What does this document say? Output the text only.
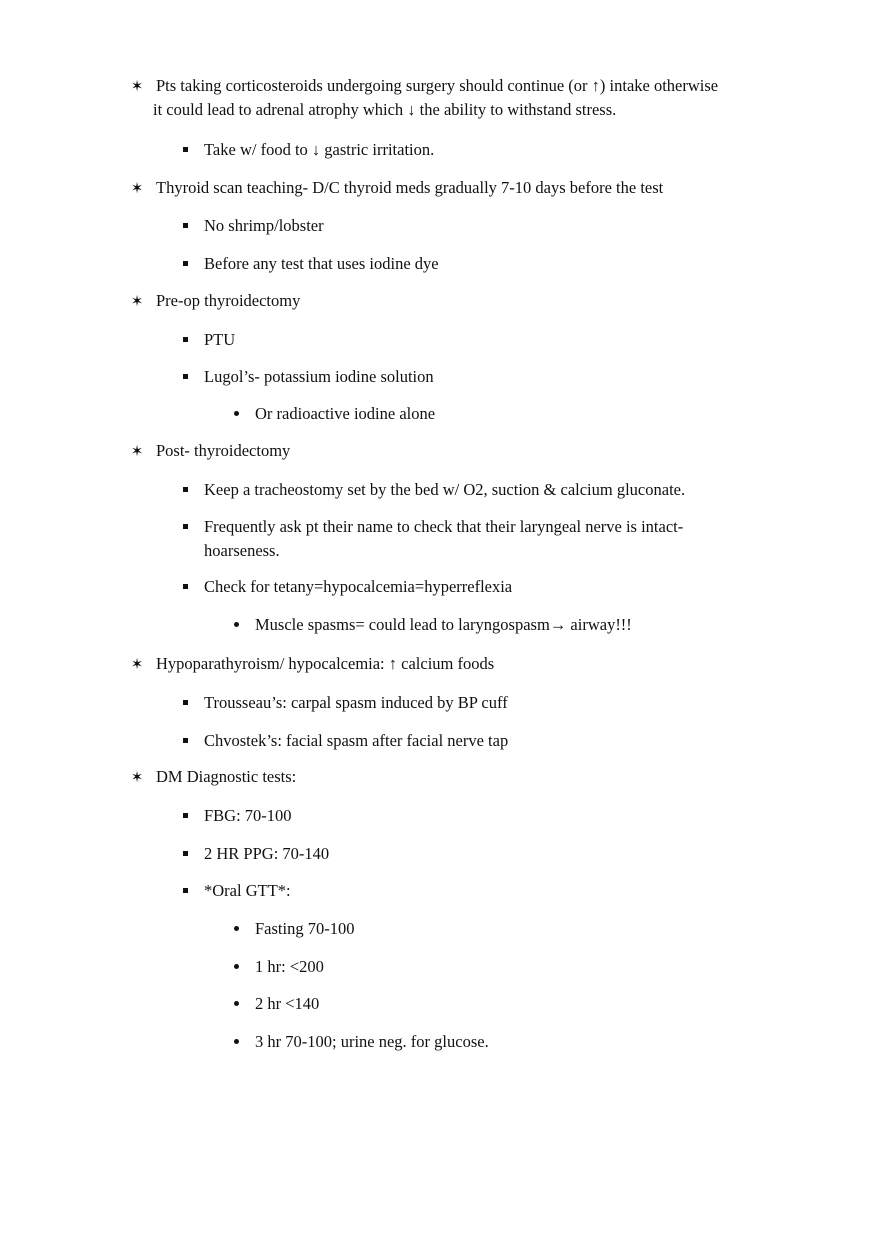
✶ Pts taking corticosteroids undergoing surgery should continue (or ↑) intake otherwise
it could lead to adrenal atrophy which ↓ the ability to withstand stress.
Take w/ food to ↓ gastric irritation.
✶ Thyroid scan teaching- D/C thyroid meds gradually 7-10 days before the test
No shrimp/lobster
Before any test that uses iodine dye
✶ Pre-op thyroidectomy
PTU
Lugol’s- potassium iodine solution
Or radioactive iodine alone
✶ Post- thyroidectomy
Keep a tracheostomy set by the bed w/ O2, suction & calcium gluconate.
Frequently ask pt their name to check that their laryngeal nerve is intact-
hoarseness.
Check for tetany=hypocalcemia=hyperreflexia
Muscle spasms= could lead to laryngospasm→ airway!!!
✶ Hypoparathyroism/ hypocalcemia: ↑ calcium foods
Trousseau’s: carpal spasm induced by BP cuff
Chvostek’s: facial spasm after facial nerve tap
✶ DM Diagnostic tests:
FBG: 70-100
2 HR PPG: 70-140
*Oral GTT*:
Fasting 70-100
1 hr: <200
2 hr <140
3 hr 70-100; urine neg. for glucose.
